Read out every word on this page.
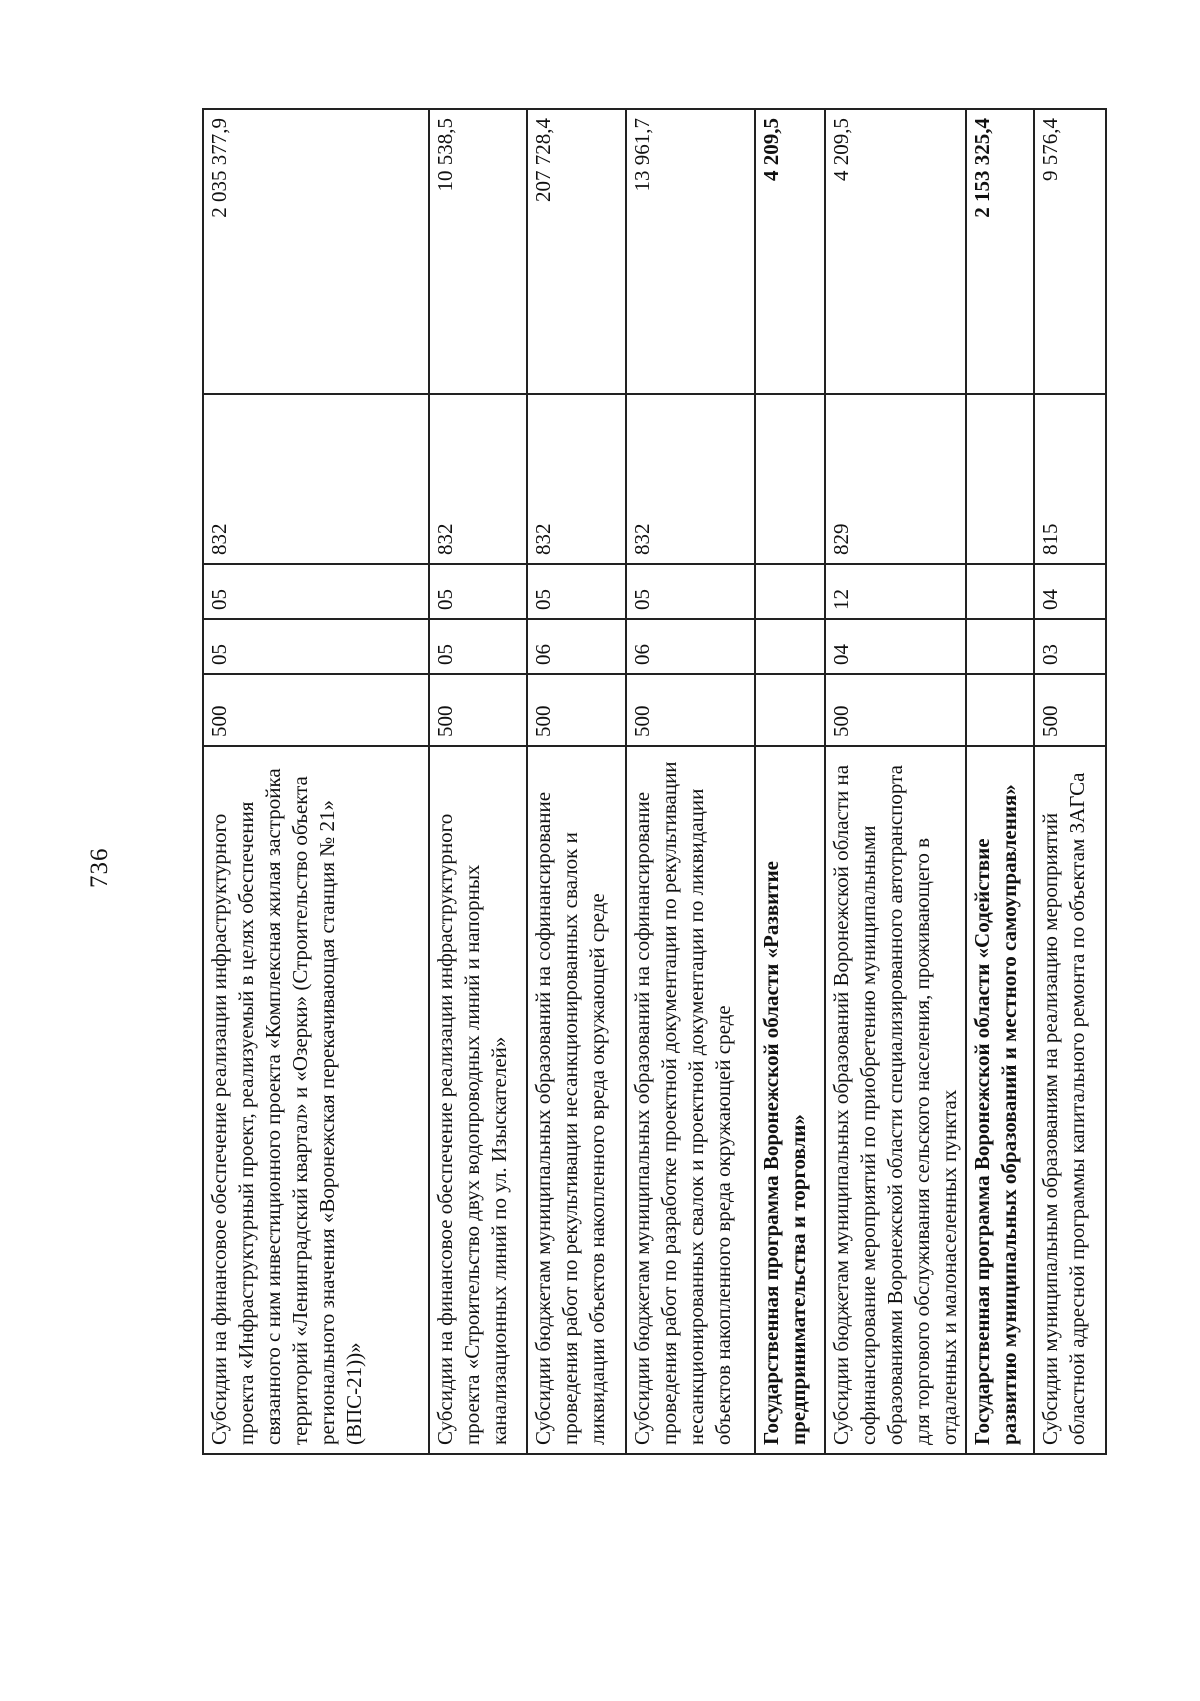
736	Субсидии на финансовое обеспечение реализации инфраструктурного проекта «Инфраструктурный проект, реализуемый в целях обеспечения связанного с ним инвестиционного проекта «Комплексная жилая застройка территорий «Ленинградский квартал» и «Озерки» (Строительство объекта регионального значения «Воронежская перекачивающая станция № 21» (ВПС-21))»	500	05	05	832	2 035 377,9
Субсидии на финансовое обеспечение реализации инфраструктурного проекта «Строительство двух водопроводных линий и напорных канализационных линий по ул. Изыскателей»	500	05	05	832	10 538,5
Субсидии бюджетам муниципальных образований на софинансирование проведения работ по рекультивации несанкционированных свалок и ликвидации объектов накопленного вреда окружающей среде	500	06	05	832	207 728,4
Субсидии бюджетам муниципальных образований на софинансирование проведения работ по разработке проектной документации по рекультивации несанкционированных свалок и проектной документации по ликвидации объектов накопленного вреда окружающей среде	500	06	05	832	13 961,7
Государственная программа Воронежской области «Развитие предпринимательства и торговли»					4 209,5
Субсидии бюджетам муниципальных образований Воронежской области на софинансирование мероприятий по приобретению муниципальными образованиями Воронежской области специализированного автотранспорта для торгового обслуживания сельского населения, проживающего в отдаленных и малонаселенных пунктах	500	04	12	829	4 209,5
Государственная программа Воронежской области «Содействие развитию муниципальных образований и местного самоуправления»					2 153 325,4
Субсидии муниципальным образованиям на реализацию мероприятий областной адресной программы капитального ремонта по объектам ЗАГСа	500	03	04	815	9 576,4
